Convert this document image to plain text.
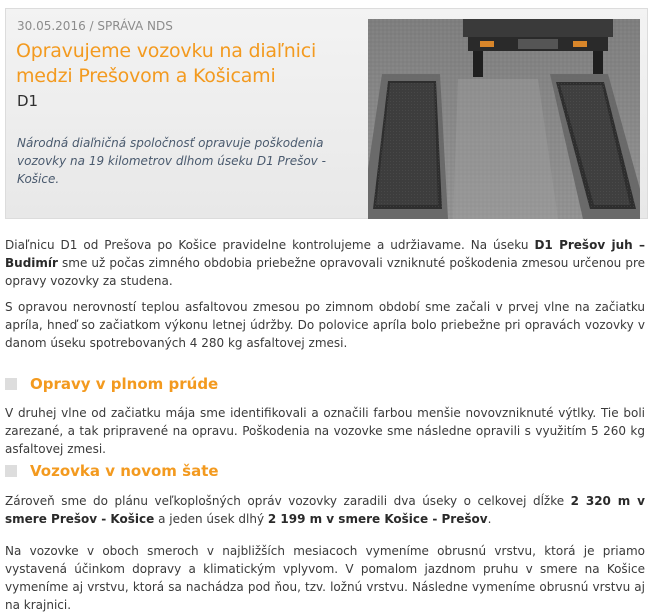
30.05.2016 / SPRÁVA NDS
Opravujeme vozovku na diaľnici medzi Prešovom a Košicami
D1
Národná diaľničná spoločnosť opravuje poškodenia vozovky na 19 kilometrov dlhom úseku D1 Prešov - Košice.

Diaľnicu D1 od Prešova po Košice pravidelne kontrolujeme a udržiavame. Na úseku D1 Prešov juh – Budimír sme už počas zimného obdobia priebežne opravovali vzniknuté poškodenia zmesou určenou pre opravy vozovky za studena.

S opravou nerovností teplou asfaltovou zmesou po zimnom období sme začali v prvej vlne na začiatku apríla, hneď so začiatkom výkonu letnej údržby. Do polovice apríla bolo priebežne pri opravách vozovky v danom úseku spotrebovaných 4 280 kg asfaltovej zmesi.

Opravy v plnom prúde

V druhej vlne od začiatku mája sme identifikovali a označili farbou menšie novovzniknuté výtlky. Tie boli zarezané, a tak pripravené na opravu. Poškodenia na vozovke sme následne opravili s využitím 5 260 kg asfaltovej zmesi.

Vozovka v novom šate

Zároveň sme do plánu veľkoplošných opráv vozovky zaradili dva úseky o celkovej dĺžke 2 320 m v smere Prešov - Košice a jeden úsek dlhý 2 199 m v smere Košice - Prešov.

Na vozovke v oboch smeroch v najbližších mesiacoch vymeníme obrusnú vrstvu, ktorá je priamo vystavená účinkom dopravy a klimatickým vplyvom. V pomalom jazdnom pruhu v smere na Košice vymeníme aj vrstvu, ktorá sa nachádza pod ňou, tzv. ložnú vrstvu. Následne vymeníme obrusnú vrstvu aj na krajnici.
